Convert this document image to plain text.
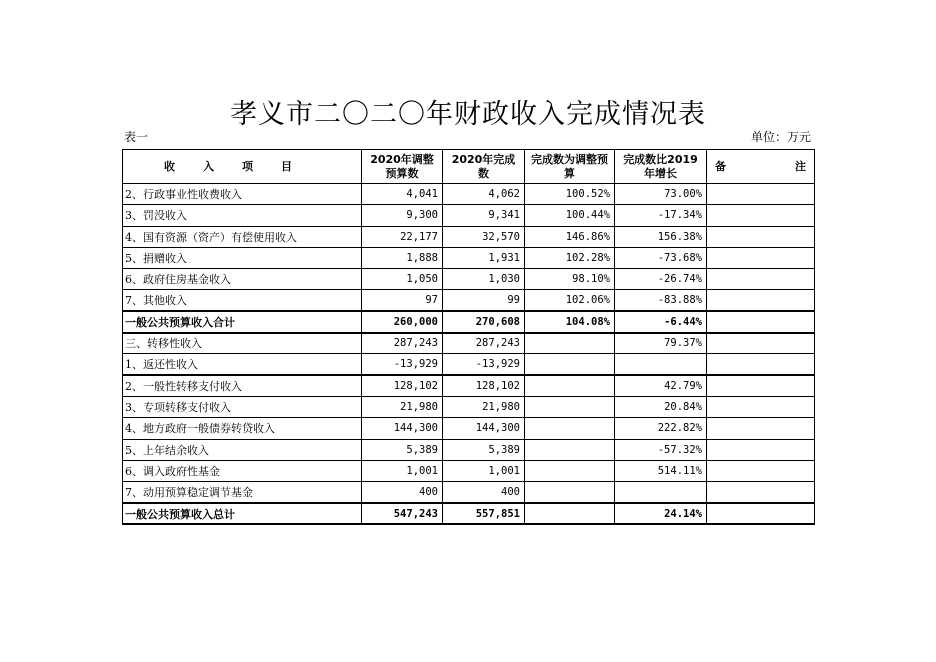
孝义市二〇二〇年财政收入完成情况表
表一	单位：万元
收入项目	2020年调整预算数	2020年完成数	完成数为调整预算	完成数比2019年增长	备 注

2、行政事业性收费收入	4,041	4,062	100.52%	73.00%	
3、罚没收入	9,300	9,341	100.44%	-17.34%	
4、国有资源（资产）有偿使用收入	22,177	32,570	146.86%	156.38%	
5、捐赠收入	1,888	1,931	102.28%	-73.68%	
6、政府住房基金收入	1,050	1,030	98.10%	-26.74%	
7、其他收入	97	99	102.06%	-83.88%	
一般公共预算收入合计	260,000	270,608	104.08%	-6.44%	
三、转移性收入	287,243	287,243		79.37%	
1、返还性收入	-13,929	-13,929			
2、一般性转移支付收入	128,102	128,102		42.79%	
3、专项转移支付收入	21,980	21,980		20.84%	
4、地方政府一般债券转贷收入	144,300	144,300		222.82%	
5、上年结余收入	5,389	5,389		-57.32%	
6、调入政府性基金	1,001	1,001		514.11%	
7、动用预算稳定调节基金	400	400			
一般公共预算收入总计	547,243	557,851		24.14%	
